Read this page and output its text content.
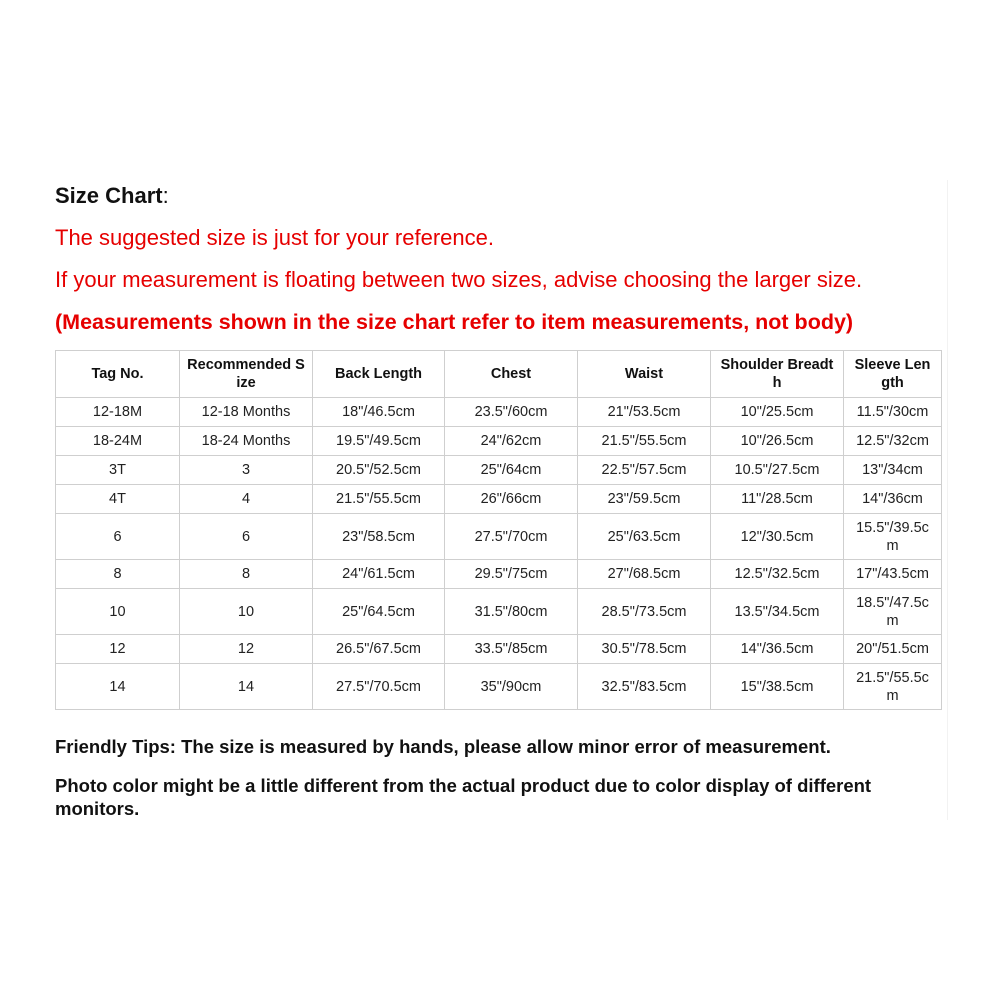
Size Chart:
The suggested size is just for your reference.
If your measurement is floating between two sizes, advise choosing the larger size.
(Measurements shown in the size chart refer to item measurements, not body)
Tag No.	Recommended S
ize	Back Length	Chest	Waist	Shoulder Breadt
h	Sleeve Len
gth
12-18M	12-18 Months	18"/46.5cm	23.5"/60cm	21"/53.5cm	10"/25.5cm	11.5"/30cm
18-24M	18-24 Months	19.5"/49.5cm	24"/62cm	21.5"/55.5cm	10"/26.5cm	12.5"/32cm
3T	3	20.5"/52.5cm	25"/64cm	22.5"/57.5cm	10.5"/27.5cm	13"/34cm
4T	4	21.5"/55.5cm	26"/66cm	23"/59.5cm	11"/28.5cm	14"/36cm
6	6	23"/58.5cm	27.5"/70cm	25"/63.5cm	12"/30.5cm	15.5"/39.5c
m
8	8	24"/61.5cm	29.5"/75cm	27"/68.5cm	12.5"/32.5cm	17"/43.5cm
10	10	25"/64.5cm	31.5"/80cm	28.5"/73.5cm	13.5"/34.5cm	18.5"/47.5c
m
12	12	26.5"/67.5cm	33.5"/85cm	30.5"/78.5cm	14"/36.5cm	20"/51.5cm
14	14	27.5"/70.5cm	35"/90cm	32.5"/83.5cm	15"/38.5cm	21.5"/55.5c
m
Friendly Tips: The size is measured by hands, please allow minor error of measurement.
Photo color might be a little different from the actual product due to color display of different monitors.
